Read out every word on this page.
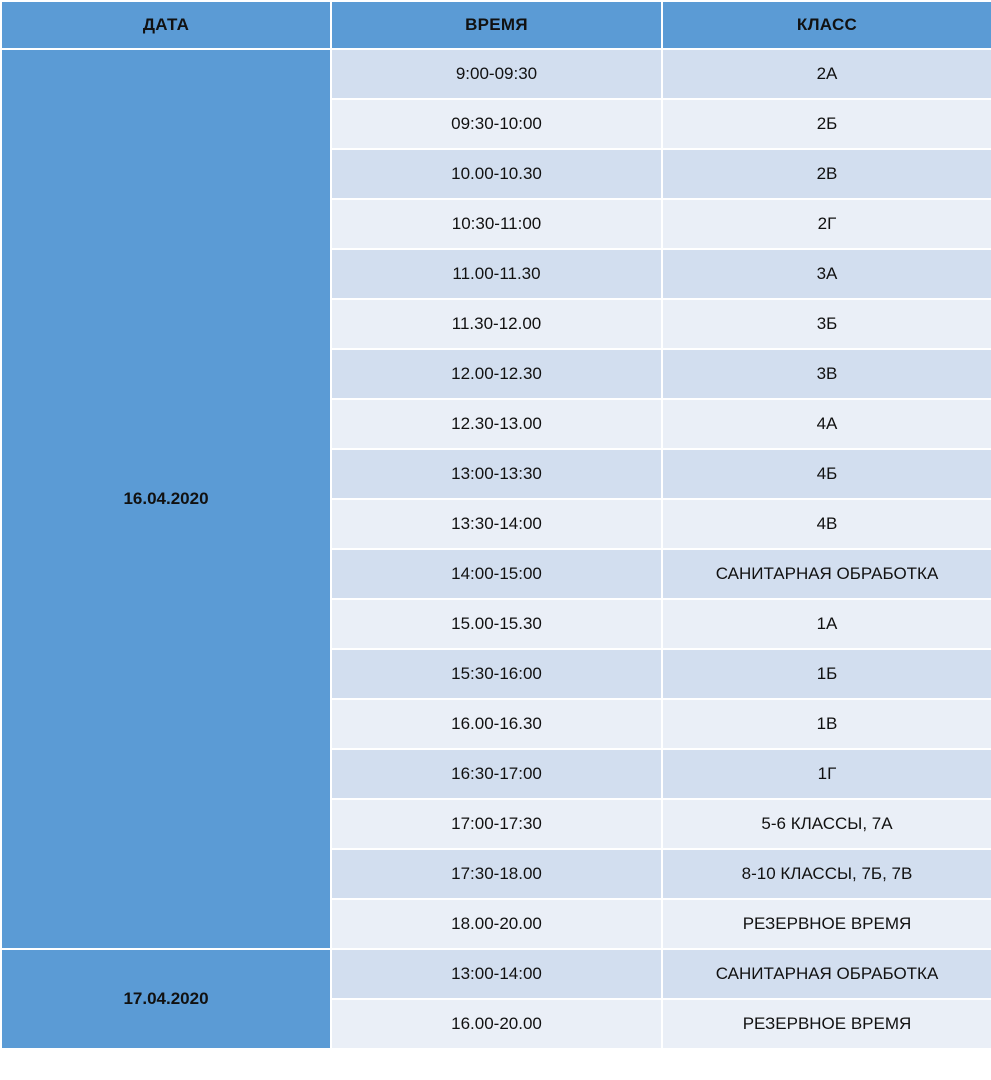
ДАТА	ВРЕМЯ	КЛАСС
16.04.2020	9:00-09:30	2А
	09:30-10:00	2Б
	10.00-10.30	2В
	10:30-11:00	2Г
	11.00-11.30	3А
	11.30-12.00	3Б
	12.00-12.30	3В
	12.30-13.00	4А
	13:00-13:30	4Б
	13:30-14:00	4В
	14:00-15:00	САНИТАРНАЯ ОБРАБОТКА
	15.00-15.30	1А
	15:30-16:00	1Б
	16.00-16.30	1В
	16:30-17:00	1Г
	17:00-17:30	5-6 КЛАССЫ, 7А
	17:30-18.00	8-10 КЛАССЫ, 7Б, 7В
	18.00-20.00	РЕЗЕРВНОЕ ВРЕМЯ
17.04.2020	13:00-14:00	САНИТАРНАЯ ОБРАБОТКА
	16.00-20.00	РЕЗЕРВНОЕ ВРЕМЯ
